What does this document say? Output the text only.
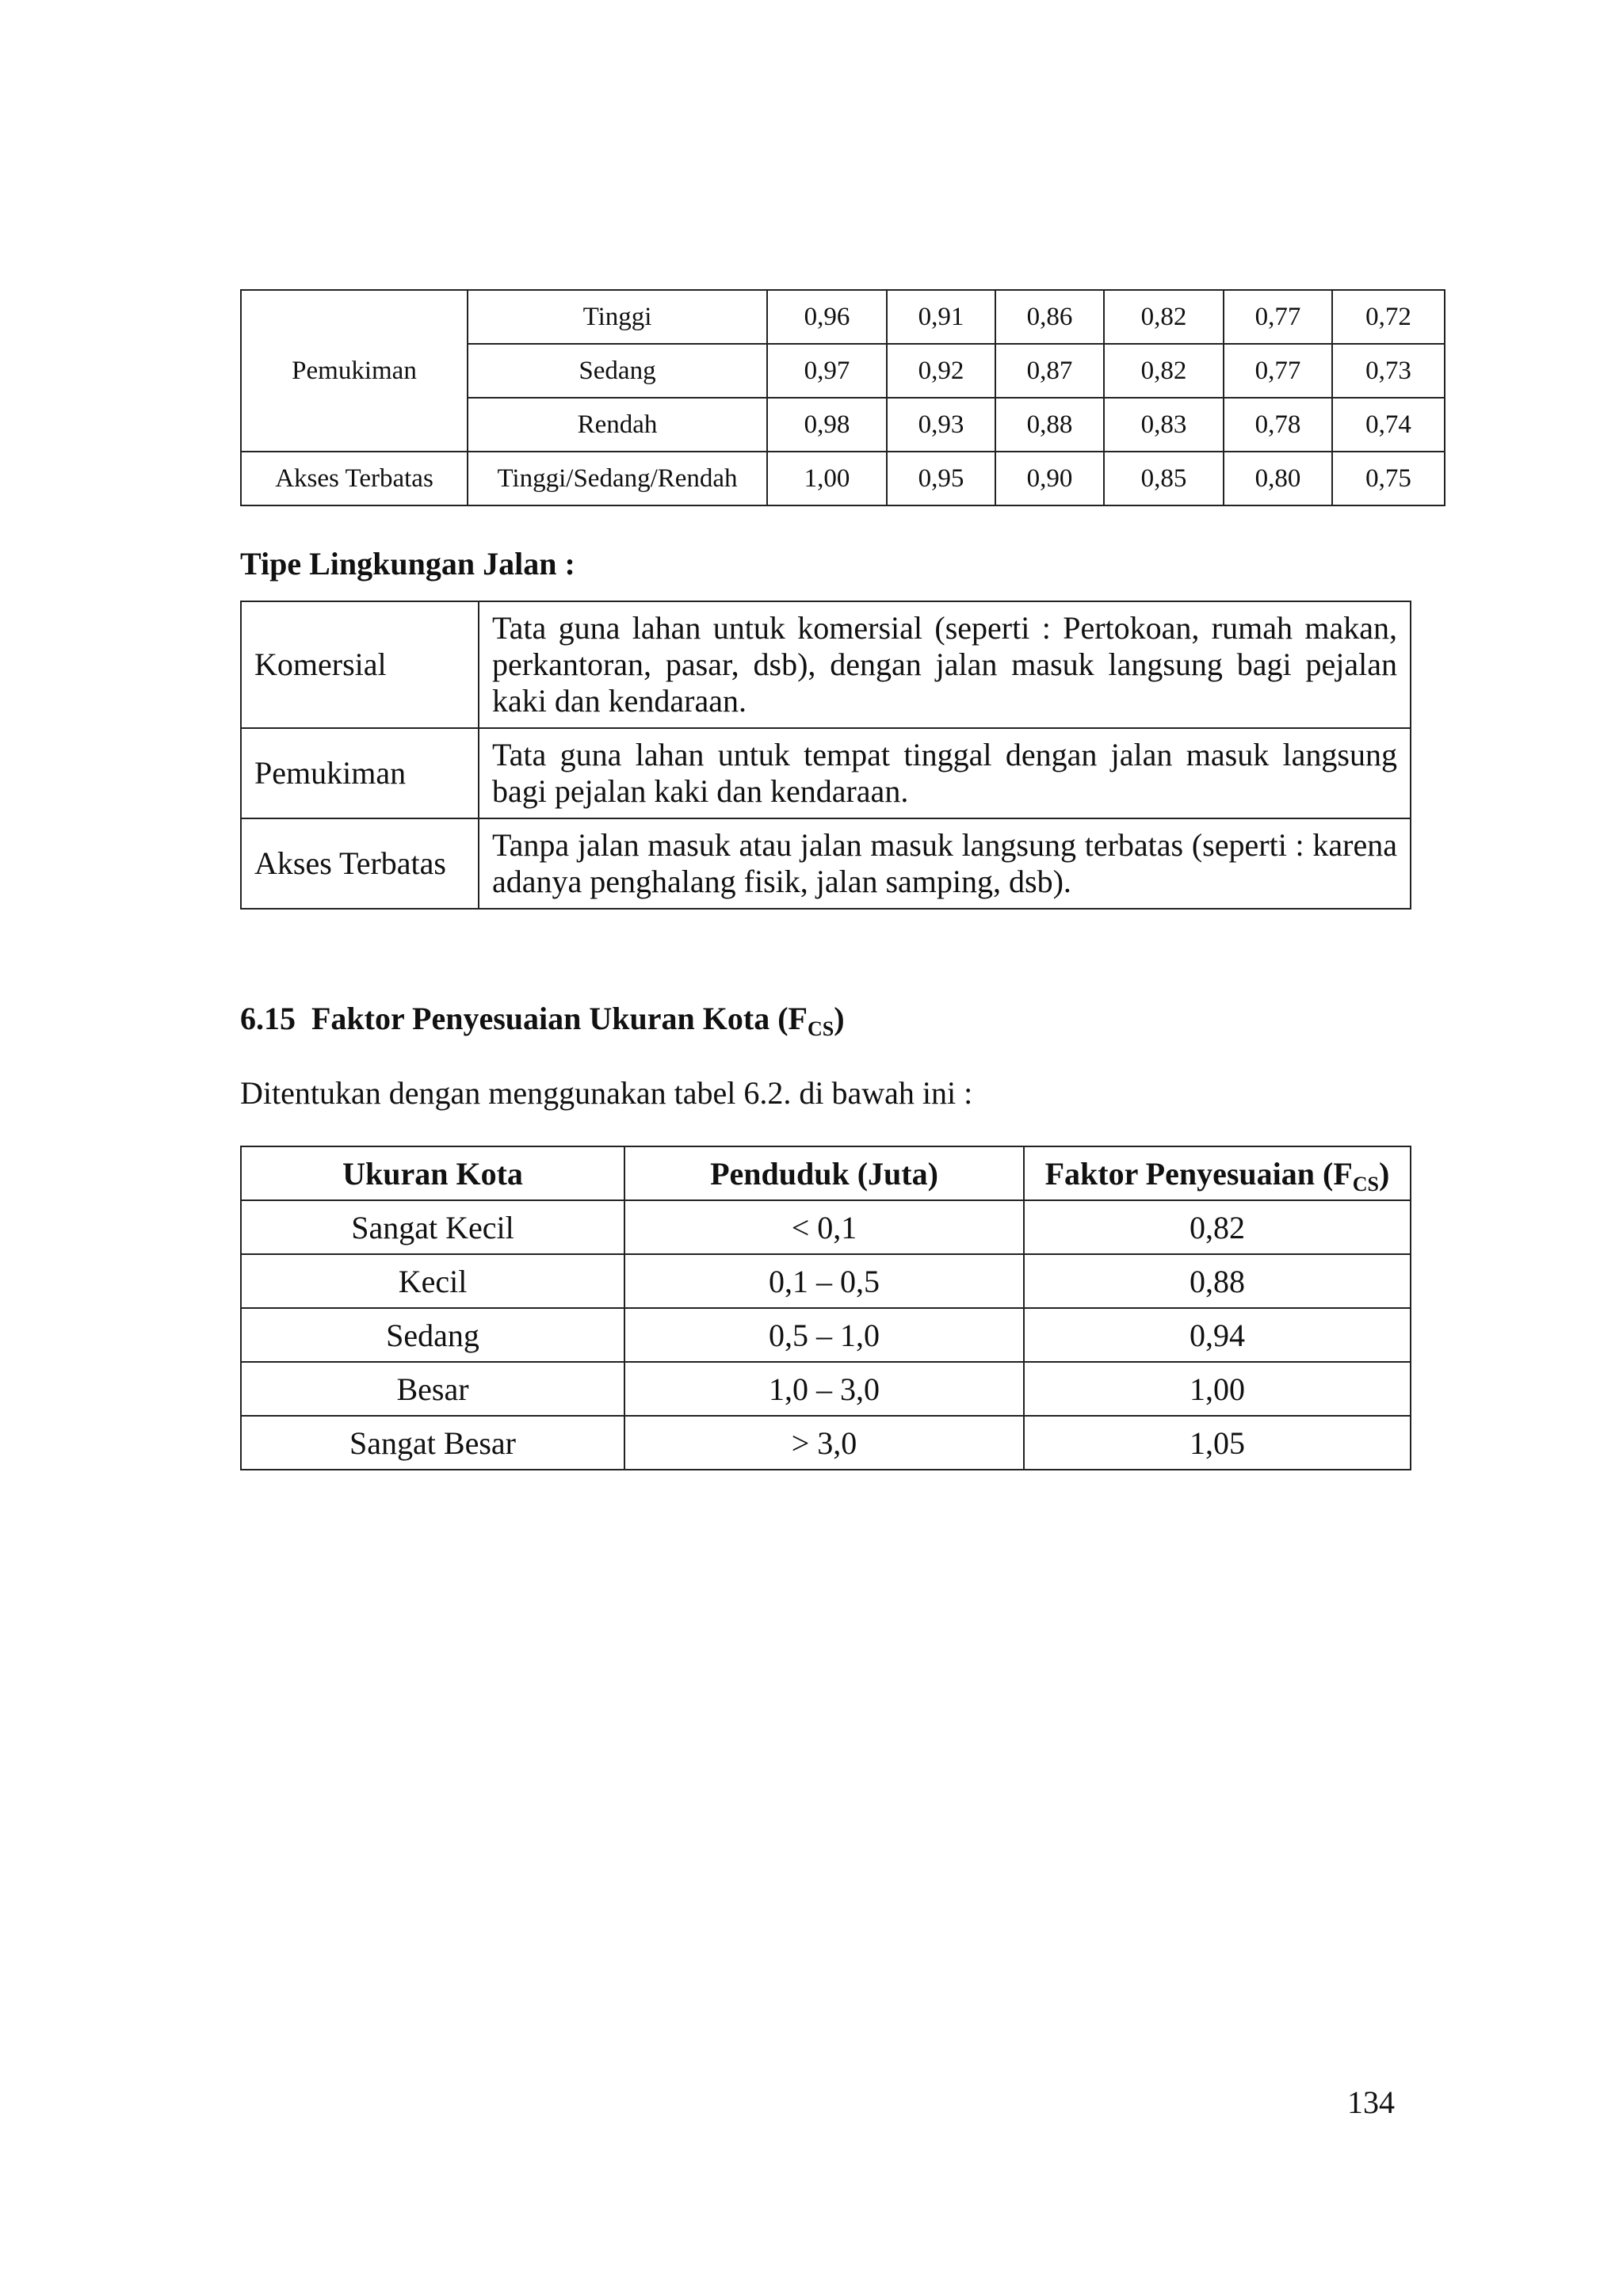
Pemukiman	Tinggi	0,96	0,91	0,86	0,82	0,77	0,72
	Sedang	0,97	0,92	0,87	0,82	0,77	0,73
	Rendah	0,98	0,93	0,88	0,83	0,78	0,74
Akses Terbatas	Tinggi/Sedang/Rendah	1,00	0,95	0,90	0,85	0,80	0,75
Tipe Lingkungan Jalan :
Komersial	Tata guna lahan untuk komersial (seperti : Pertokoan, rumah makan, perkantoran, pasar, dsb), dengan jalan masuk langsung bagi pejalan kaki dan kendaraan.
Pemukiman	Tata guna lahan untuk tempat tinggal dengan jalan masuk langsung bagi pejalan kaki dan kendaraan.
Akses Terbatas	Tanpa jalan masuk atau jalan masuk langsung terbatas (seperti : karena adanya penghalang fisik, jalan samping, dsb).
6.15 Faktor Penyesuaian Ukuran Kota $(F_{CS})$
Ditentukan dengan menggunakan tabel 6.2. di bawah ini :
Ukuran Kota	Penduduk (Juta)	Faktor Penyesuaian $(F_{CS})$
Sangat Kecil	< 0,1	0,82
Kecil	0,1 – 0,5	0,88
Sedang	0,5 – 1,0	0,94
Besar	1,0 – 3,0	1,00
Sangat Besar	> 3,0	1,05
134
